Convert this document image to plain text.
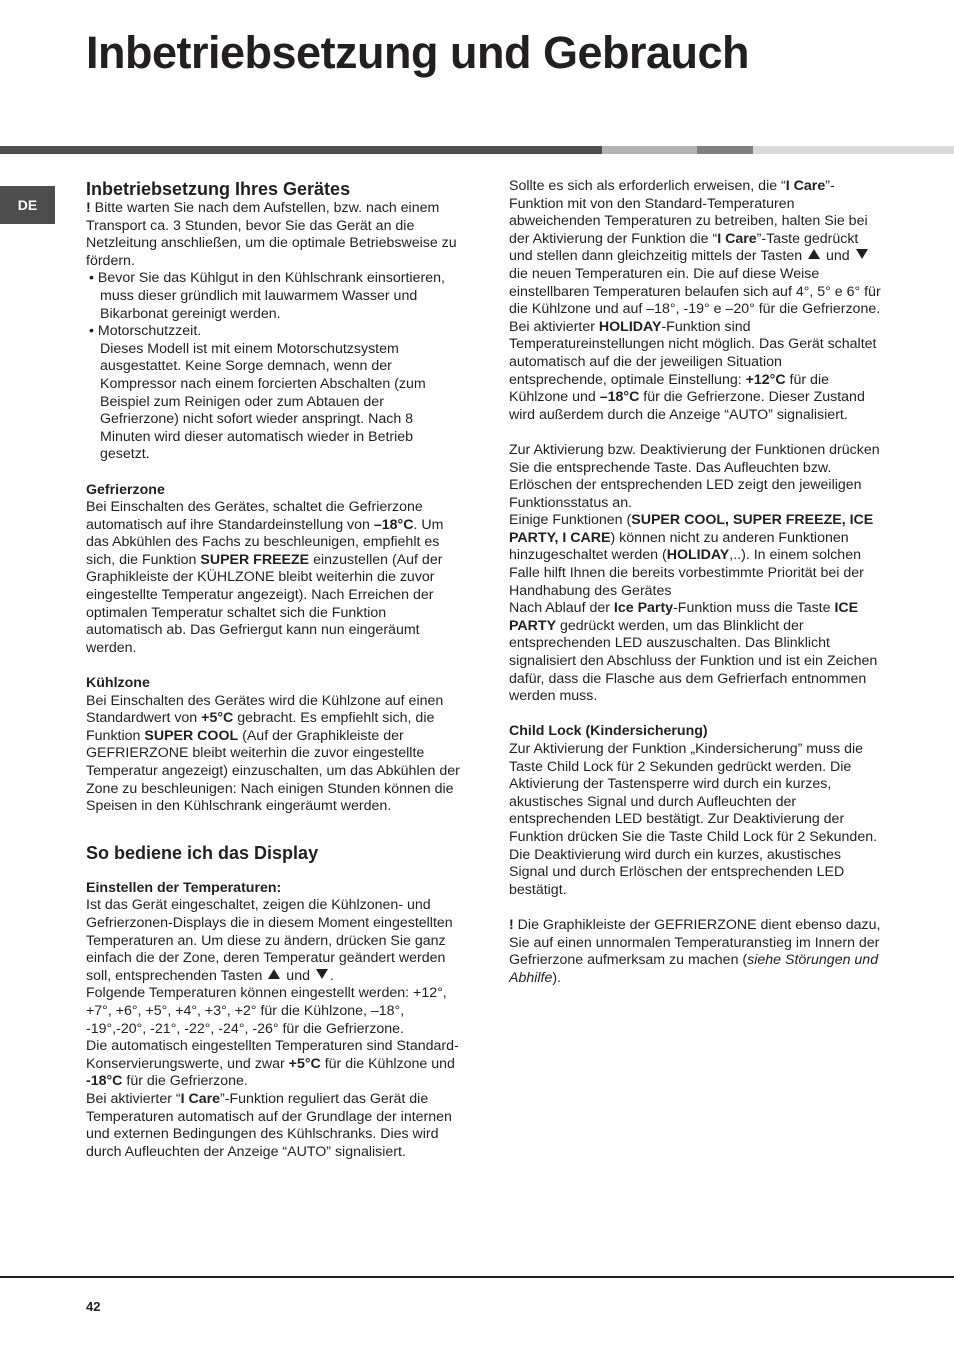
Inbetriebsetzung und Gebrauch
DE

Inbetriebsetzung Ihres Gerätes

! Bitte warten Sie nach dem Aufstellen, bzw. nach einem Transport ca. 3 Stunden, bevor Sie das Gerät an die Netzleitung anschließen, um die optimale Betriebsweise zu fördern.

• Bevor Sie das Kühlgut in den Kühlschrank einsortieren, muss dieser gründlich mit lauwarmem Wasser und Bikarbonat gereinigt werden.

• Motorschutzzeit.

Dieses Modell ist mit einem Motorschutzsystem ausgestattet. Keine Sorge demnach, wenn der Kompressor nach einem forcierten Abschalten (zum Beispiel zum Reinigen oder zum Abtauen der Gefrierzone) nicht sofort wieder anspringt. Nach 8 Minuten wird dieser automatisch wieder in Betrieb gesetzt.

Gefrierzone

Bei Einschalten des Gerätes, schaltet die Gefrierzone automatisch auf ihre Standardeinstellung von –18°C. Um das Abkühlen des Fachs zu beschleunigen, empfiehlt es sich, die Funktion SUPER FREEZE einzustellen (Auf der Graphikleiste der KÜHLZONE bleibt weiterhin die zuvor eingestellte Temperatur angezeigt). Nach Erreichen der optimalen Temperatur schaltet sich die Funktion automatisch ab. Das Gefriergut kann nun eingeräumt werden.

Kühlzone

Bei Einschalten des Gerätes wird die Kühlzone auf einen Standardwert von +5°C gebracht. Es empfiehlt sich, die Funktion SUPER COOL (Auf der Graphikleiste der GEFRIERZONE bleibt weiterhin die zuvor eingestellte Temperatur angezeigt) einzuschalten, um das Abkühlen der Zone zu beschleunigen: Nach einigen Stunden können die Speisen in den Kühlschrank eingeräumt werden.

So bediene ich das Display

Einstellen der Temperaturen:

Ist das Gerät eingeschaltet, zeigen die Kühlzonen- und Gefrierzonen-Displays die in diesem Moment eingestellten Temperaturen an. Um diese zu ändern, drücken Sie ganz einfach die der Zone, deren Temperatur geändert werden soll, entsprechenden Tasten  und .

Folgende Temperaturen können eingestellt werden: +12°, +7°, +6°, +5°, +4°, +3°, +2° für die Kühlzone, –18°, -19°,-20°, -21°, -22°, -24°, -26° für die Gefrierzone.

Die automatisch eingestellten Temperaturen sind Standard-Konservierungswerte, und zwar +5°C für die Kühlzone und -18°C für die Gefrierzone.

Bei aktivierter “I Care”-Funktion reguliert das Gerät die Temperaturen automatisch auf der Grundlage der internen und externen Bedingungen des Kühlschranks. Dies wird durch Aufleuchten der Anzeige “AUTO” signalisiert.

Sollte es sich als erforderlich erweisen, die “I Care”-Funktion mit von den Standard-Temperaturen abweichenden Temperaturen zu betreiben, halten Sie bei der Aktivierung der Funktion die “I Care”-Taste gedrückt und stellen dann gleichzeitig mittels der Tasten  und  die neuen Temperaturen ein. Die auf diese Weise einstellbaren Temperaturen belaufen sich auf 4°, 5° e 6° für die Kühlzone und auf –18°, -19° e –20° für die Gefrierzone.

Bei aktivierter HOLIDAY-Funktion sind Temperatureinstellungen nicht möglich. Das Gerät schaltet automatisch auf die der jeweiligen Situation entsprechende, optimale Einstellung: +12°C für die Kühlzone und –18°C für die Gefrierzone. Dieser Zustand wird außerdem durch die Anzeige “AUTO” signalisiert.

Zur Aktivierung bzw. Deaktivierung der Funktionen drücken Sie die entsprechende Taste. Das Aufleuchten bzw. Erlöschen der entsprechenden LED zeigt den jeweiligen Funktionsstatus an.

Einige Funktionen (SUPER COOL, SUPER FREEZE, ICE PARTY, I CARE) können nicht zu anderen Funktionen hinzugeschaltet werden (HOLIDAY,..). In einem solchen Falle hilft Ihnen die bereits vorbestimmte Priorität bei der Handhabung des Gerätes

Nach Ablauf der Ice Party-Funktion muss die Taste ICE PARTY gedrückt werden, um das Blinklicht der entsprechenden LED auszuschalten. Das Blinklicht signalisiert den Abschluss der Funktion und ist ein Zeichen dafür, dass die Flasche aus dem Gefrierfach entnommen werden muss.

Child Lock (Kindersicherung)

Zur Aktivierung der Funktion „Kindersicherung” muss die Taste Child Lock für 2 Sekunden gedrückt werden. Die Aktivierung der Tastensperre wird durch ein kurzes, akustisches Signal und durch Aufleuchten der entsprechenden LED bestätigt. Zur Deaktivierung der Funktion drücken Sie die Taste Child Lock für 2 Sekunden. Die Deaktivierung wird durch ein kurzes, akustisches Signal und durch Erlöschen der entsprechenden LED bestätigt.

! Die Graphikleiste der GEFRIERZONE dient ebenso dazu, Sie auf einen unnormalen Temperaturanstieg im Innern der Gefrierzone aufmerksam zu machen (siehe Störungen und Abhilfe).

42
